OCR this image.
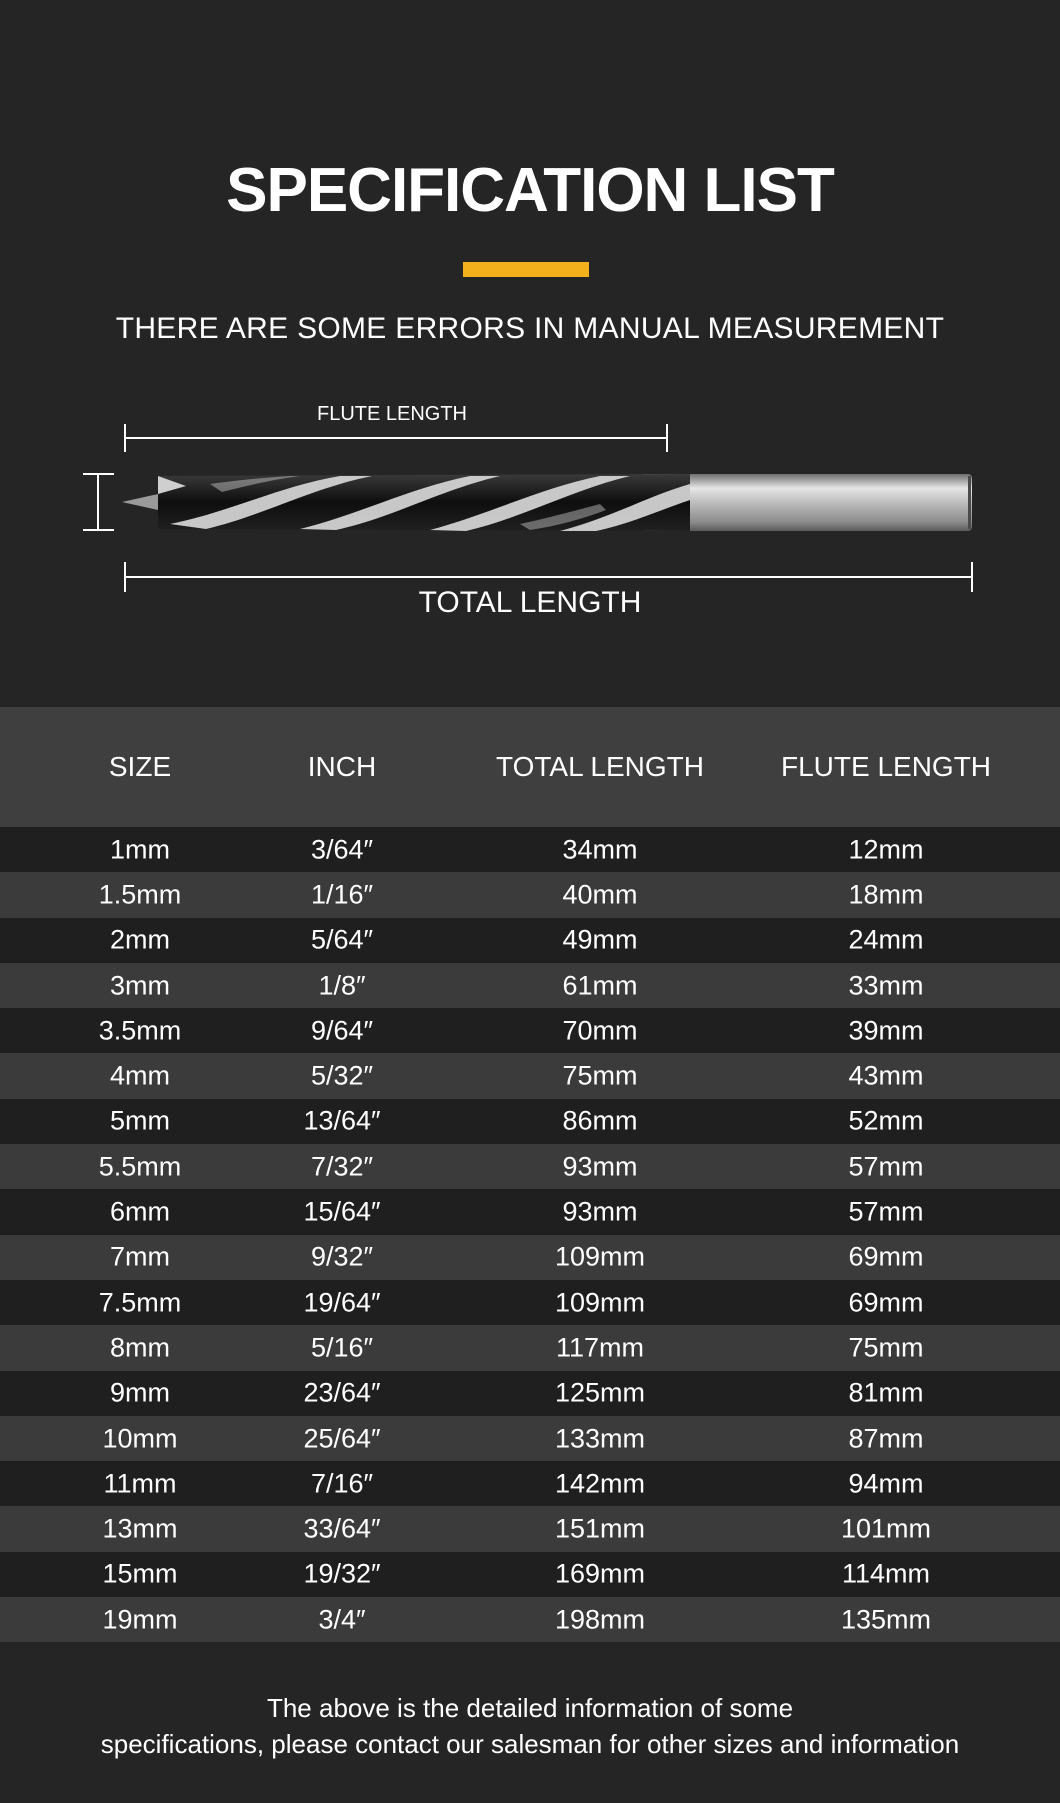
SPECIFICATION LIST
THERE ARE SOME ERRORS IN MANUAL MEASUREMENT
FLUTE LENGTH
TOTAL LENGTH
SIZE	INCH	TOTAL LENGTH	FLUTE LENGTH
1mm	3/64″	34mm	12mm
1.5mm	1/16″	40mm	18mm
2mm	5/64″	49mm	24mm
3mm	1/8″	61mm	33mm
3.5mm	9/64″	70mm	39mm
4mm	5/32″	75mm	43mm
5mm	13/64″	86mm	52mm
5.5mm	7/32″	93mm	57mm
6mm	15/64″	93mm	57mm
7mm	9/32″	109mm	69mm
7.5mm	19/64″	109mm	69mm
8mm	5/16″	117mm	75mm
9mm	23/64″	125mm	81mm
10mm	25/64″	133mm	87mm
11mm	7/16″	142mm	94mm
13mm	33/64″	151mm	101mm
15mm	19/32″	169mm	114mm
19mm	3/4″	198mm	135mm
The above is the detailed information of some
specifications, please contact our salesman for other sizes and information
